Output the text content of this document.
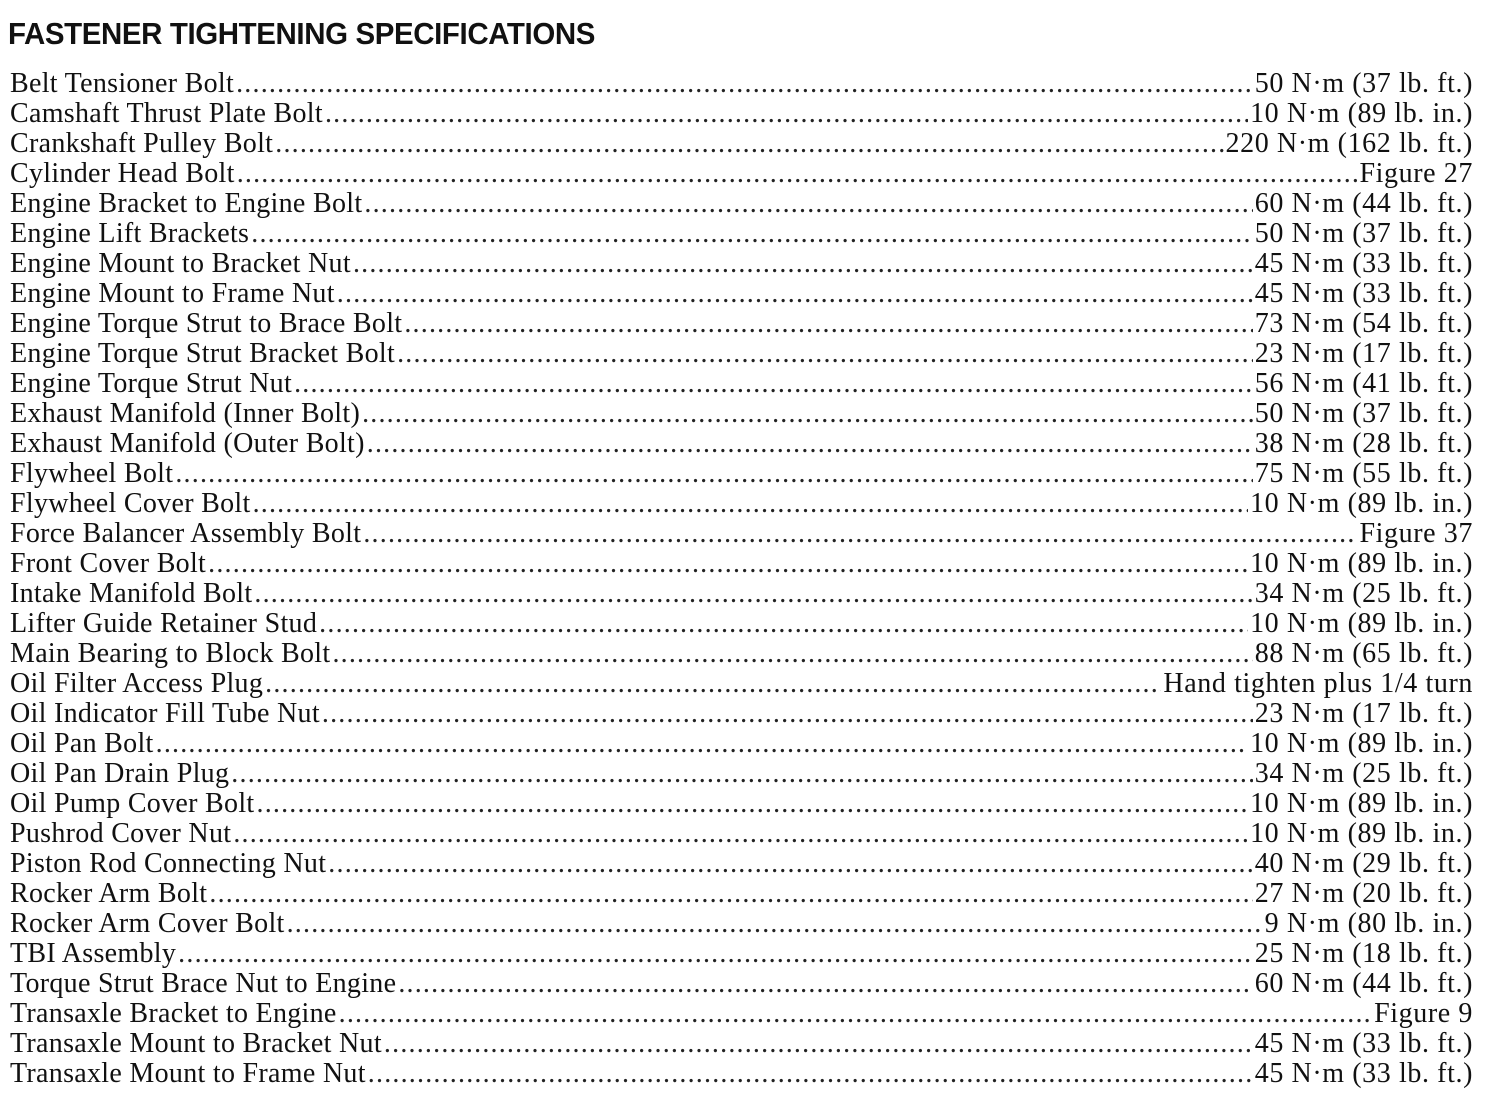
FASTENER TIGHTENING SPECIFICATIONS
Belt Tensioner Bolt .....	50 N·m (37 lb. ft.)
Camshaft Thrust Plate Bolt .....	10 N·m (89 lb. in.)
Crankshaft Pulley Bolt .....	220 N·m (162 lb. ft.)
Cylinder Head Bolt .....	Figure 27
Engine Bracket to Engine Bolt .....	60 N·m (44 lb. ft.)
Engine Lift Brackets .....	50 N·m (37 lb. ft.)
Engine Mount to Bracket Nut .....	45 N·m (33 lb. ft.)
Engine Mount to Frame Nut .....	45 N·m (33 lb. ft.)
Engine Torque Strut to Brace Bolt .....	73 N·m (54 lb. ft.)
Engine Torque Strut Bracket Bolt .....	23 N·m (17 lb. ft.)
Engine Torque Strut Nut .....	56 N·m (41 lb. ft.)
Exhaust Manifold (Inner Bolt) .....	50 N·m (37 lb. ft.)
Exhaust Manifold (Outer Bolt) .....	38 N·m (28 lb. ft.)
Flywheel Bolt .....	75 N·m (55 lb. ft.)
Flywheel Cover Bolt .....	10 N·m (89 lb. in.)
Force Balancer Assembly Bolt .....	Figure 37
Front Cover Bolt .....	10 N·m (89 lb. in.)
Intake Manifold Bolt .....	34 N·m (25 lb. ft.)
Lifter Guide Retainer Stud .....	10 N·m (89 lb. in.)
Main Bearing to Block Bolt .....	88 N·m (65 lb. ft.)
Oil Filter Access Plug .....	Hand tighten plus 1/4 turn
Oil Indicator Fill Tube Nut .....	23 N·m (17 lb. ft.)
Oil Pan Bolt .....	10 N·m (89 lb. in.)
Oil Pan Drain Plug .....	34 N·m (25 lb. ft.)
Oil Pump Cover Bolt .....	10 N·m (89 lb. in.)
Pushrod Cover Nut .....	10 N·m (89 lb. in.)
Piston Rod Connecting Nut .....	40 N·m (29 lb. ft.)
Rocker Arm Bolt .....	27 N·m (20 lb. ft.)
Rocker Arm Cover Bolt .....	9 N·m (80 lb. in.)
TBI Assembly .....	25 N·m (18 lb. ft.)
Torque Strut Brace Nut to Engine .....	60 N·m (44 lb. ft.)
Transaxle Bracket to Engine .....	Figure 9
Transaxle Mount to Bracket Nut .....	45 N·m (33 lb. ft.)
Transaxle Mount to Frame Nut .....	45 N·m (33 lb. ft.)
